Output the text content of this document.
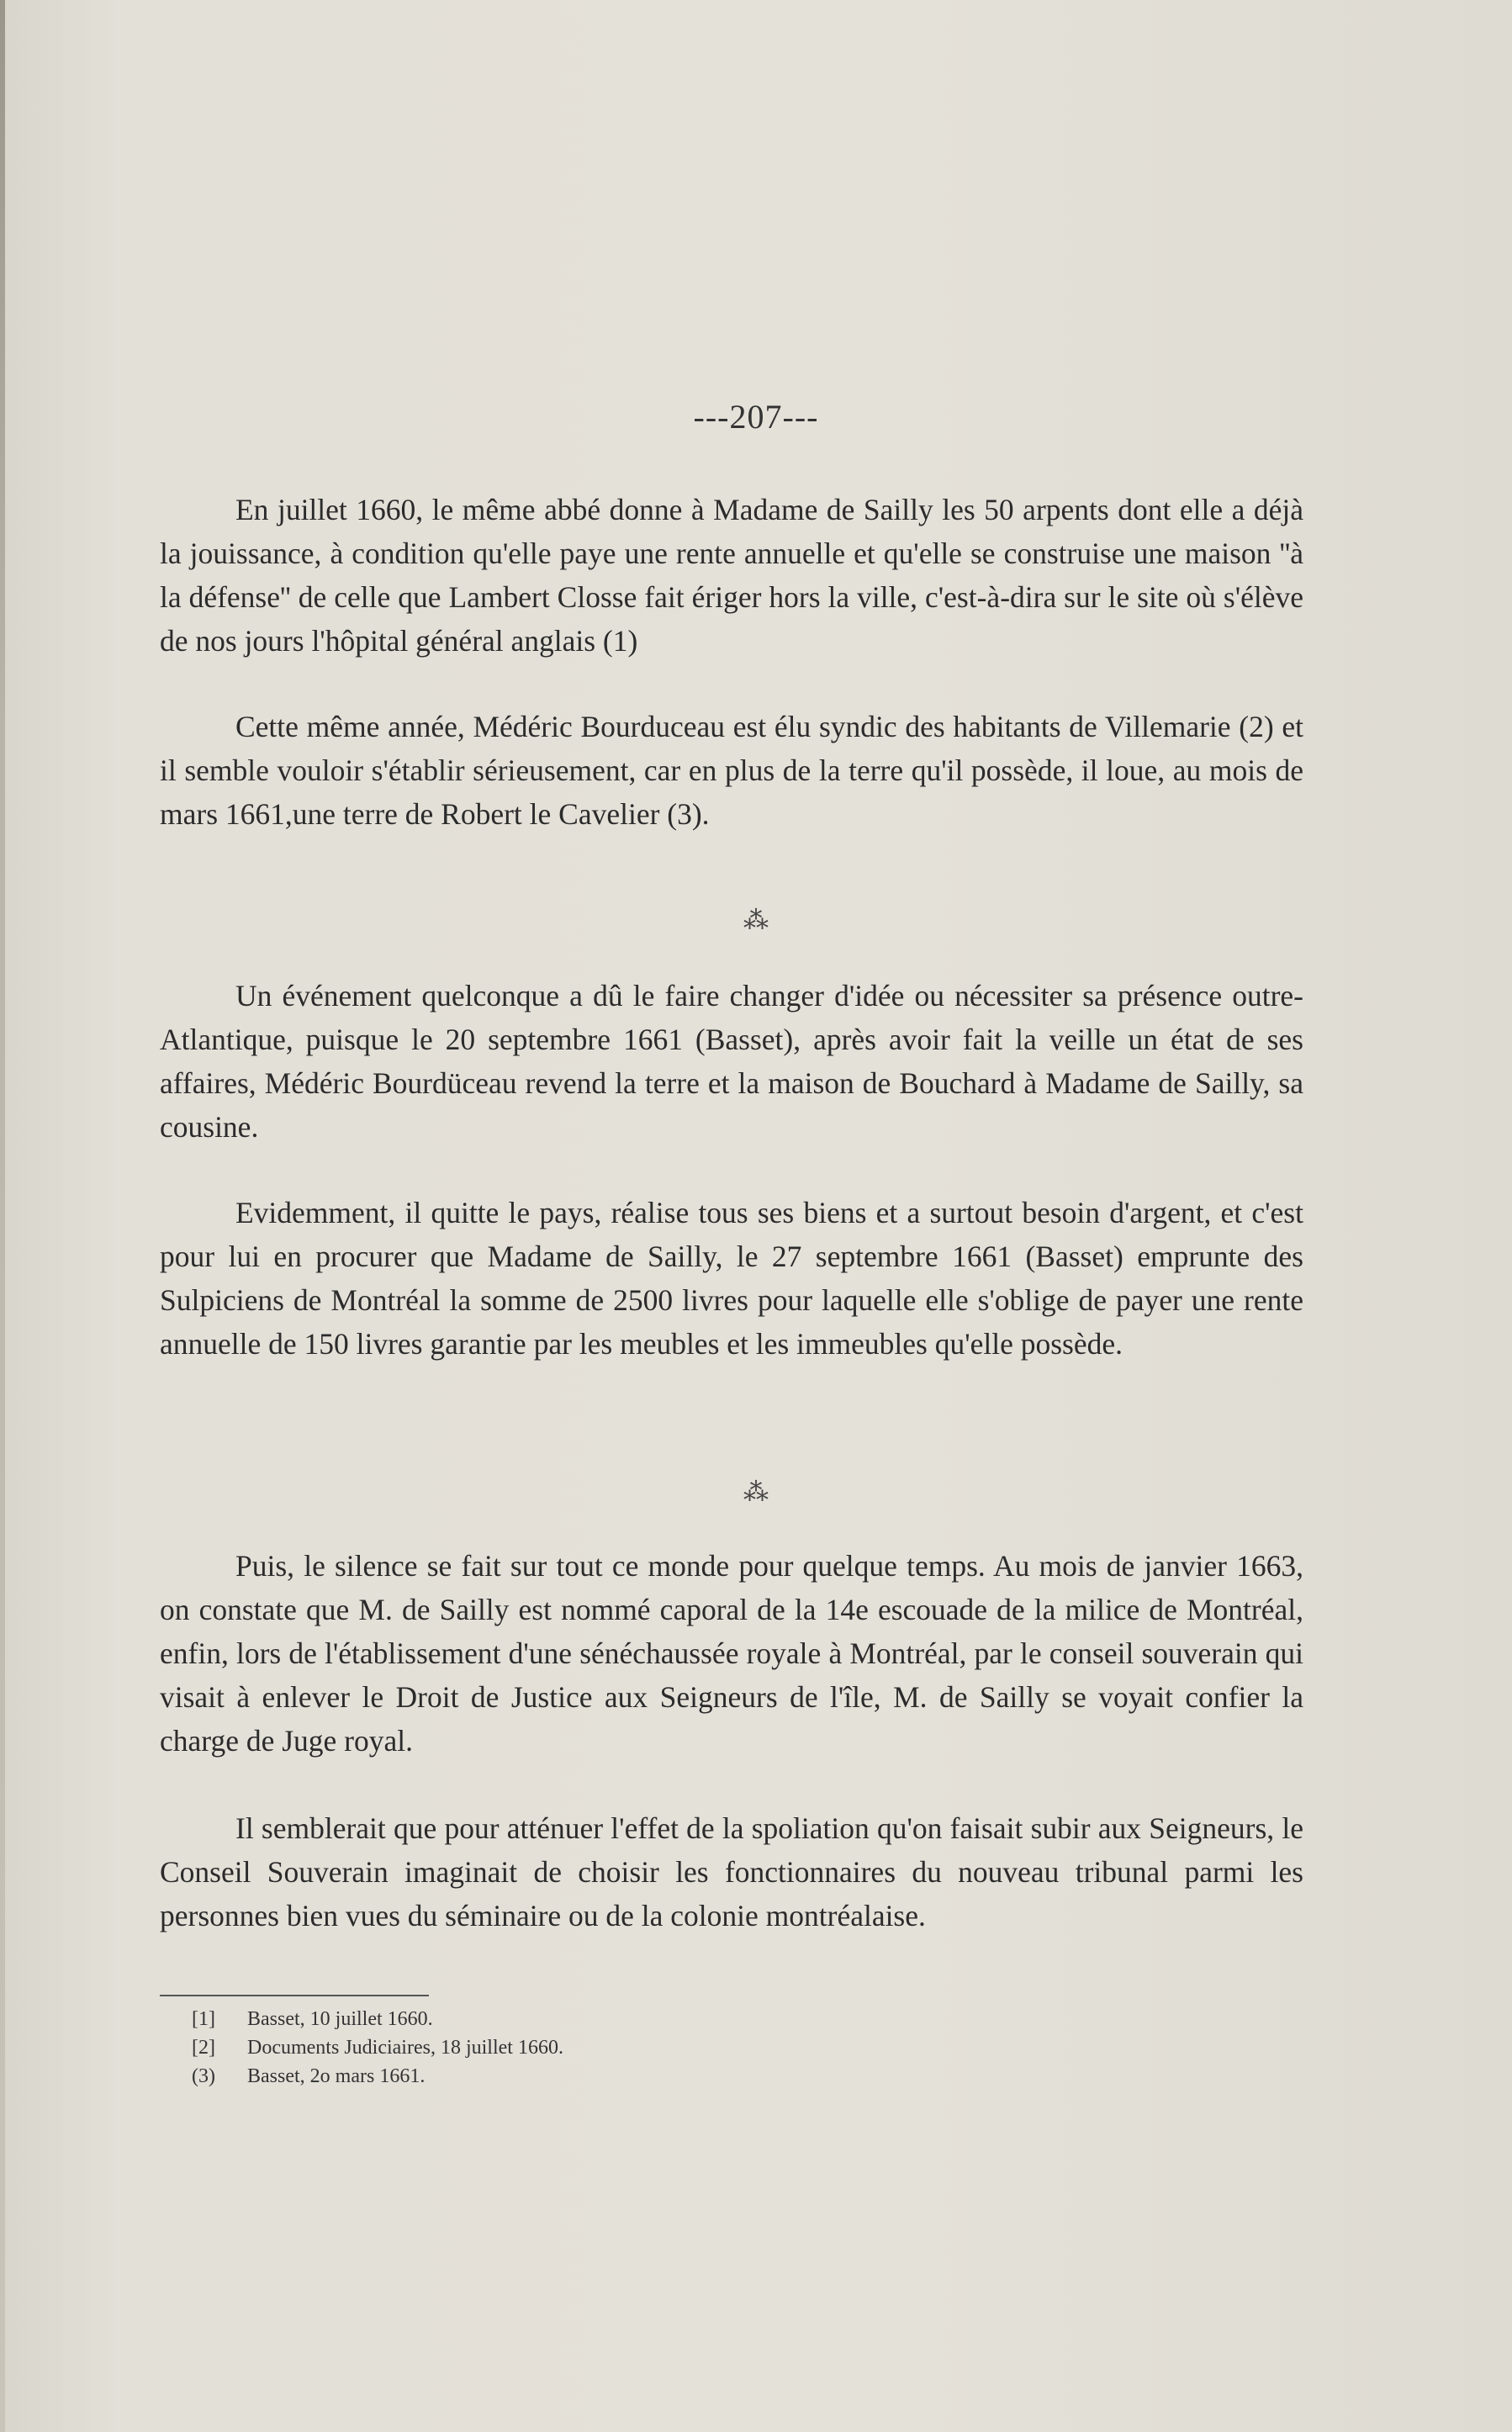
---207---

En juillet 1660, le même abbé donne à Madame de Sailly les 50 arpents dont elle a déjà la jouissance, à condition qu'elle paye une rente annuelle et qu'elle se construise une maison ''à la défense'' de celle que Lambert Closse fait ériger hors la ville, c'est-à-dira sur le site où s'élève de nos jours l'hôpital général anglais (1)

Cette même année, Médéric Bourduceau est élu syndic des habitants de Villemarie (2) et il semble vouloir s'établir sérieusement, car en plus de la terre qu'il possède, il loue, au mois de mars 1661,une terre de Robert le Cavelier (3).

⁂

Un événement quelconque a dû le faire changer d'idée ou nécessiter sa présence outre-Atlantique, puisque le 20 septembre 1661 (Basset), après avoir fait la veille un état de ses affaires, Médéric Bourdüceau revend la terre et la maison de Bouchard à Madame de Sailly, sa cousine.

Evidemment, il quitte le pays, réalise tous ses biens et a surtout besoin d'argent, et c'est pour lui en procurer que Madame de Sailly, le 27 septembre 1661 (Basset) emprunte des Sulpiciens de Montréal la somme de 2500 livres pour laquelle elle s'oblige de payer une rente annuelle de 150 livres garantie par les meubles et les immeubles qu'elle possède.

⁂

Puis, le silence se fait sur tout ce monde pour quelque temps. Au mois de janvier 1663, on constate que M. de Sailly est nommé caporal de la 14e escouade de la milice de Montréal, enfin, lors de l'établissement d'une sénéchaussée royale à Montréal, par le conseil souverain qui visait à enlever le Droit de Justice aux Seigneurs de l'île, M. de Sailly se voyait confier la charge de Juge royal.

Il semblerait que pour atténuer l'effet de la spoliation qu'on faisait subir aux Seigneurs, le Conseil Souverain imaginait de choisir les fonctionnaires du nouveau tribunal parmi les personnes bien vues du séminaire ou de la colonie montréalaise.

[1] Basset, 10 juillet 1660.
[2] Documents Judiciaires, 18 juillet 1660.
(3) Basset, 2o mars 1661.
